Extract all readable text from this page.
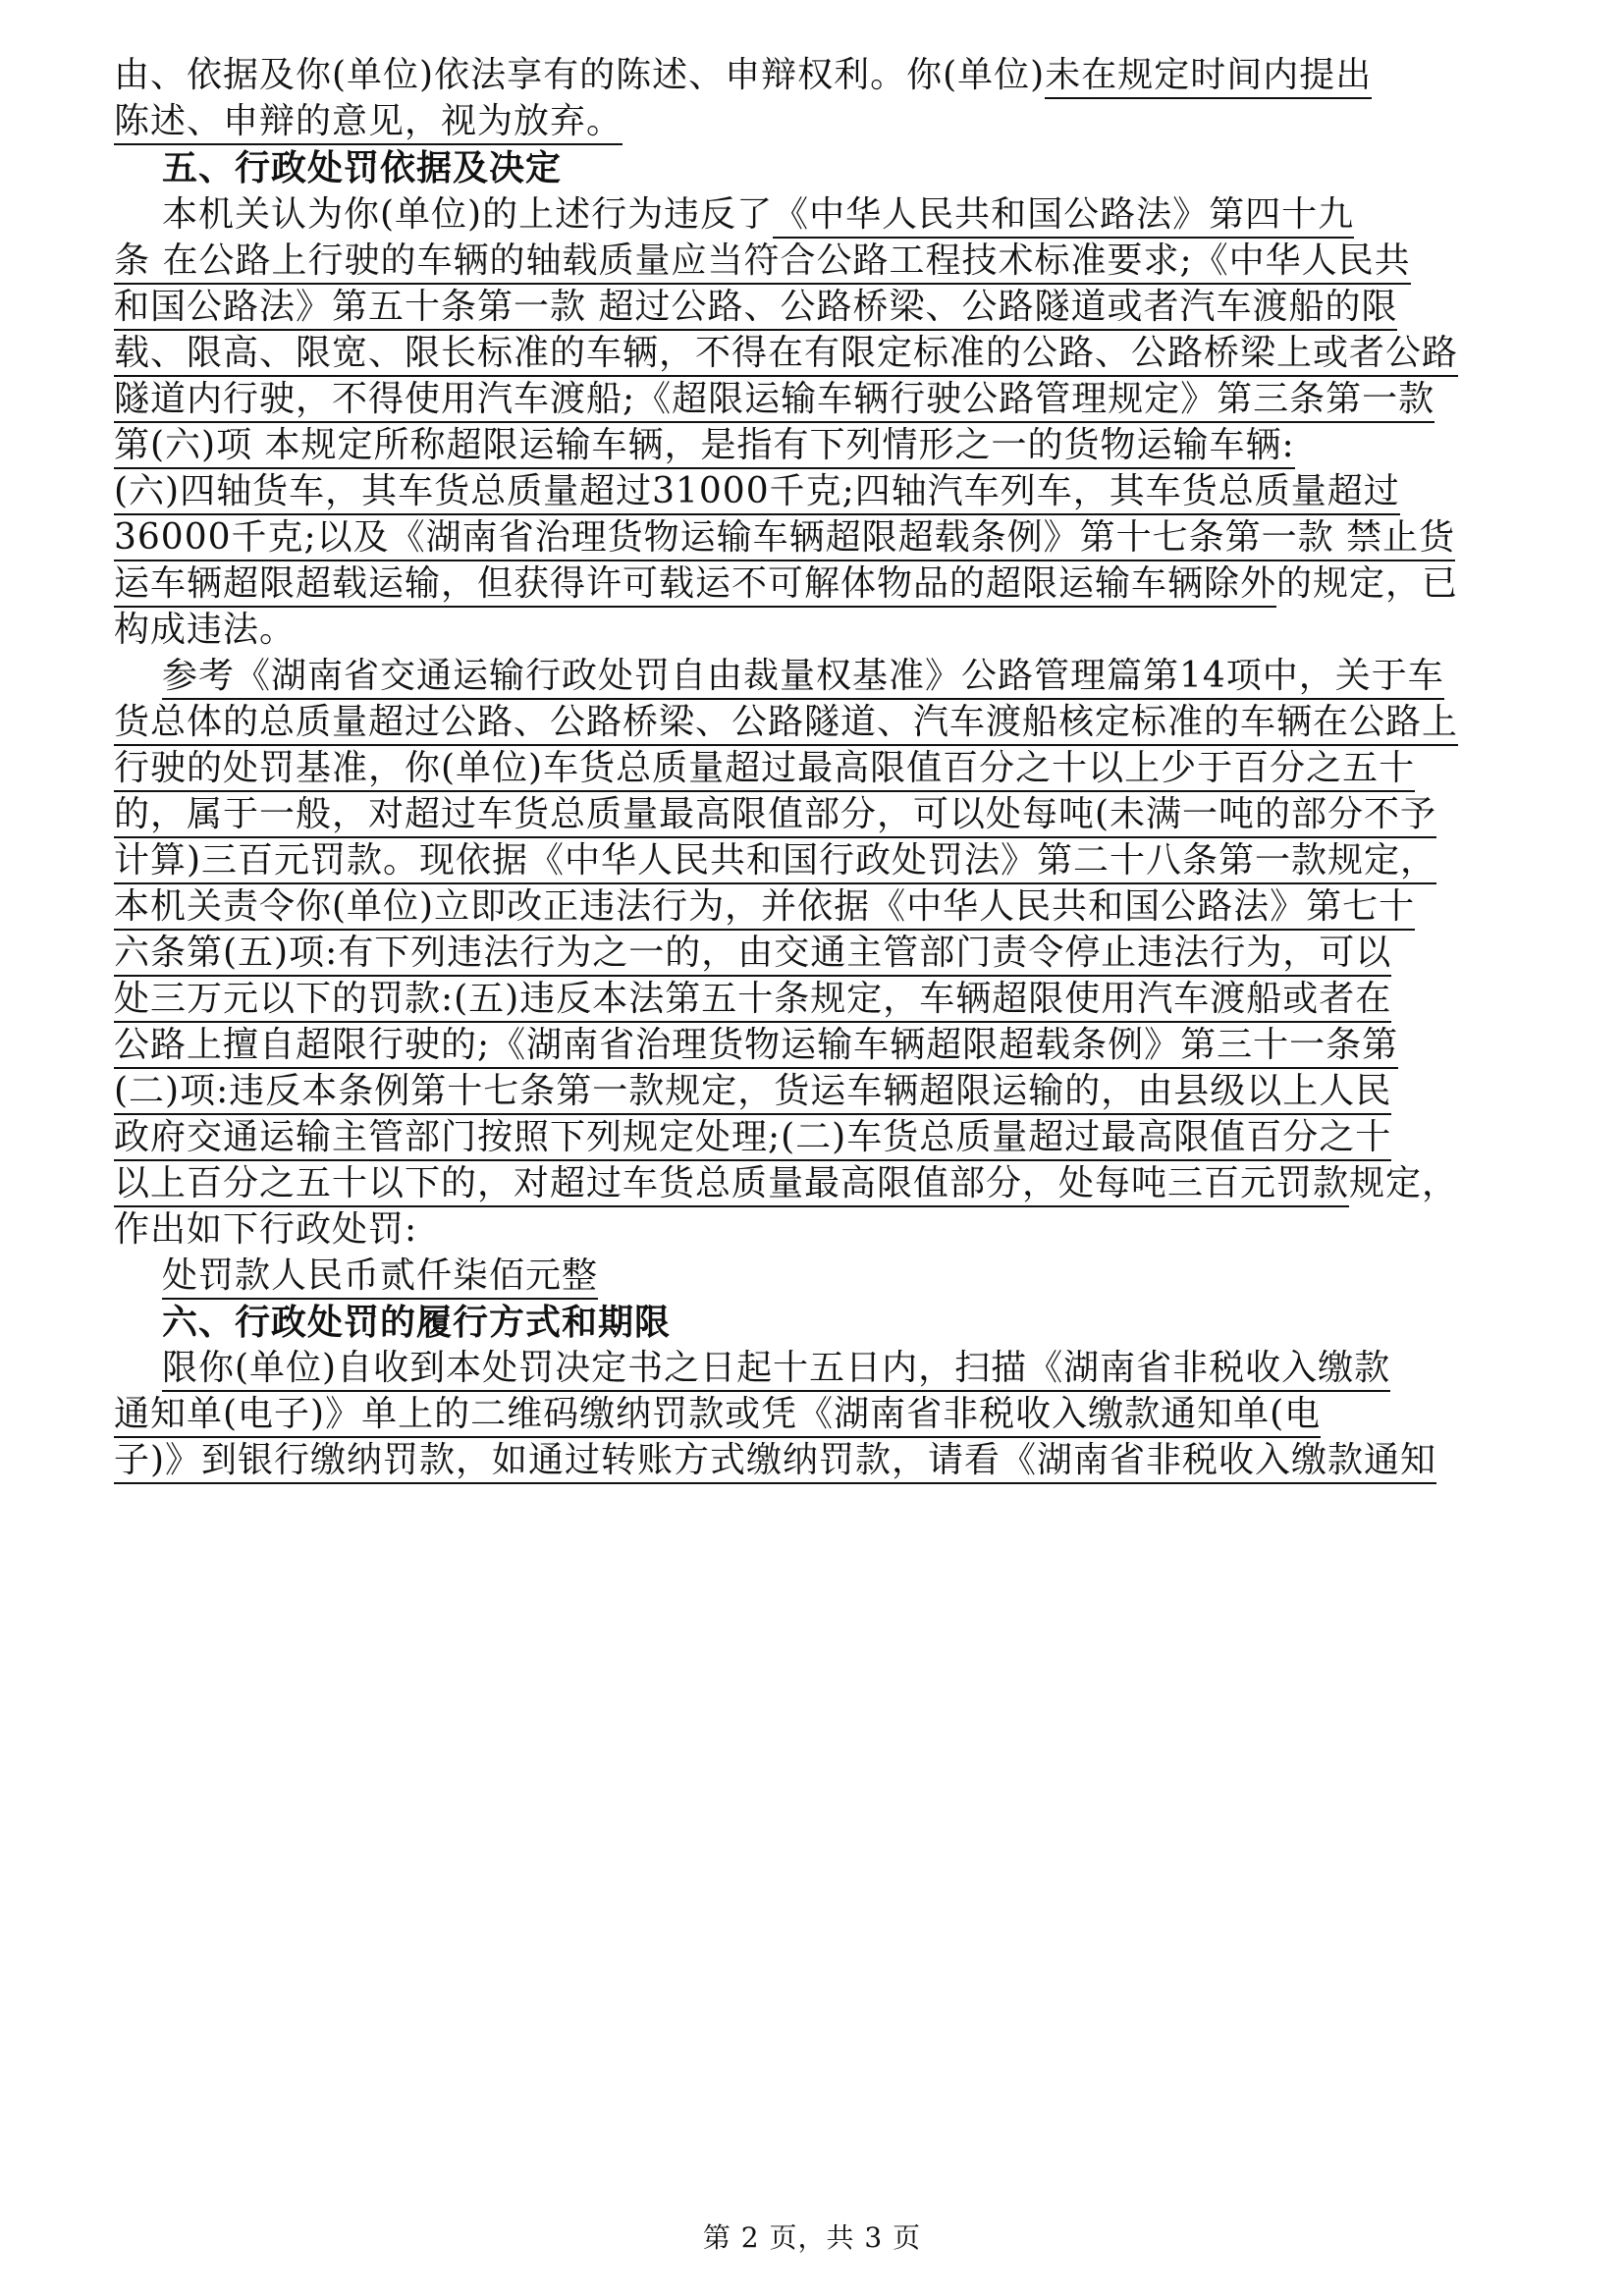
由、依据及你(单位)依法享有的陈述、申辩权利。你(单位)未在规定时间内提出
陈述、申辩的意见，视为放弃。
五、行政处罚依据及决定
本机关认为你(单位)的上述行为违反了《中华人民共和国公路法》第四十九
条 在公路上行驶的车辆的轴载质量应当符合公路工程技术标准要求;《中华人民共
和国公路法》第五十条第一款 超过公路、公路桥梁、公路隧道或者汽车渡船的限
载、限高、限宽、限长标准的车辆，不得在有限定标准的公路、公路桥梁上或者公路
隧道内行驶，不得使用汽车渡船;《超限运输车辆行驶公路管理规定》第三条第一款
第(六)项 本规定所称超限运输车辆，是指有下列情形之一的货物运输车辆:
(六)四轴货车，其车货总质量超过31000千克;四轴汽车列车，其车货总质量超过
36000千克;以及《湖南省治理货物运输车辆超限超载条例》第十七条第一款 禁止货
运车辆超限超载运输，但获得许可载运不可解体物品的超限运输车辆除外的规定，已
构成违法。
参考《湖南省交通运输行政处罚自由裁量权基准》公路管理篇第14项中，关于车
货总体的总质量超过公路、公路桥梁、公路隧道、汽车渡船核定标准的车辆在公路上
行驶的处罚基准，你(单位)车货总质量超过最高限值百分之十以上少于百分之五十
的，属于一般，对超过车货总质量最高限值部分，可以处每吨(未满一吨的部分不予
计算)三百元罚款。现依据《中华人民共和国行政处罚法》第二十八条第一款规定，
本机关责令你(单位)立即改正违法行为，并依据《中华人民共和国公路法》第七十
六条第(五)项:有下列违法行为之一的，由交通主管部门责令停止违法行为，可以
处三万元以下的罚款:(五)违反本法第五十条规定，车辆超限使用汽车渡船或者在
公路上擅自超限行驶的;《湖南省治理货物运输车辆超限超载条例》第三十一条第
(二)项:违反本条例第十七条第一款规定，货运车辆超限运输的，由县级以上人民
政府交通运输主管部门按照下列规定处理;(二)车货总质量超过最高限值百分之十
以上百分之五十以下的，对超过车货总质量最高限值部分，处每吨三百元罚款规定，
作出如下行政处罚:
处罚款人民币贰仟柒佰元整
六、行政处罚的履行方式和期限
限你(单位)自收到本处罚决定书之日起十五日内，扫描《湖南省非税收入缴款
通知单(电子)》单上的二维码缴纳罚款或凭《湖南省非税收入缴款通知单(电
子)》到银行缴纳罚款，如通过转账方式缴纳罚款，请看《湖南省非税收入缴款通知
第 2 页，共 3 页
